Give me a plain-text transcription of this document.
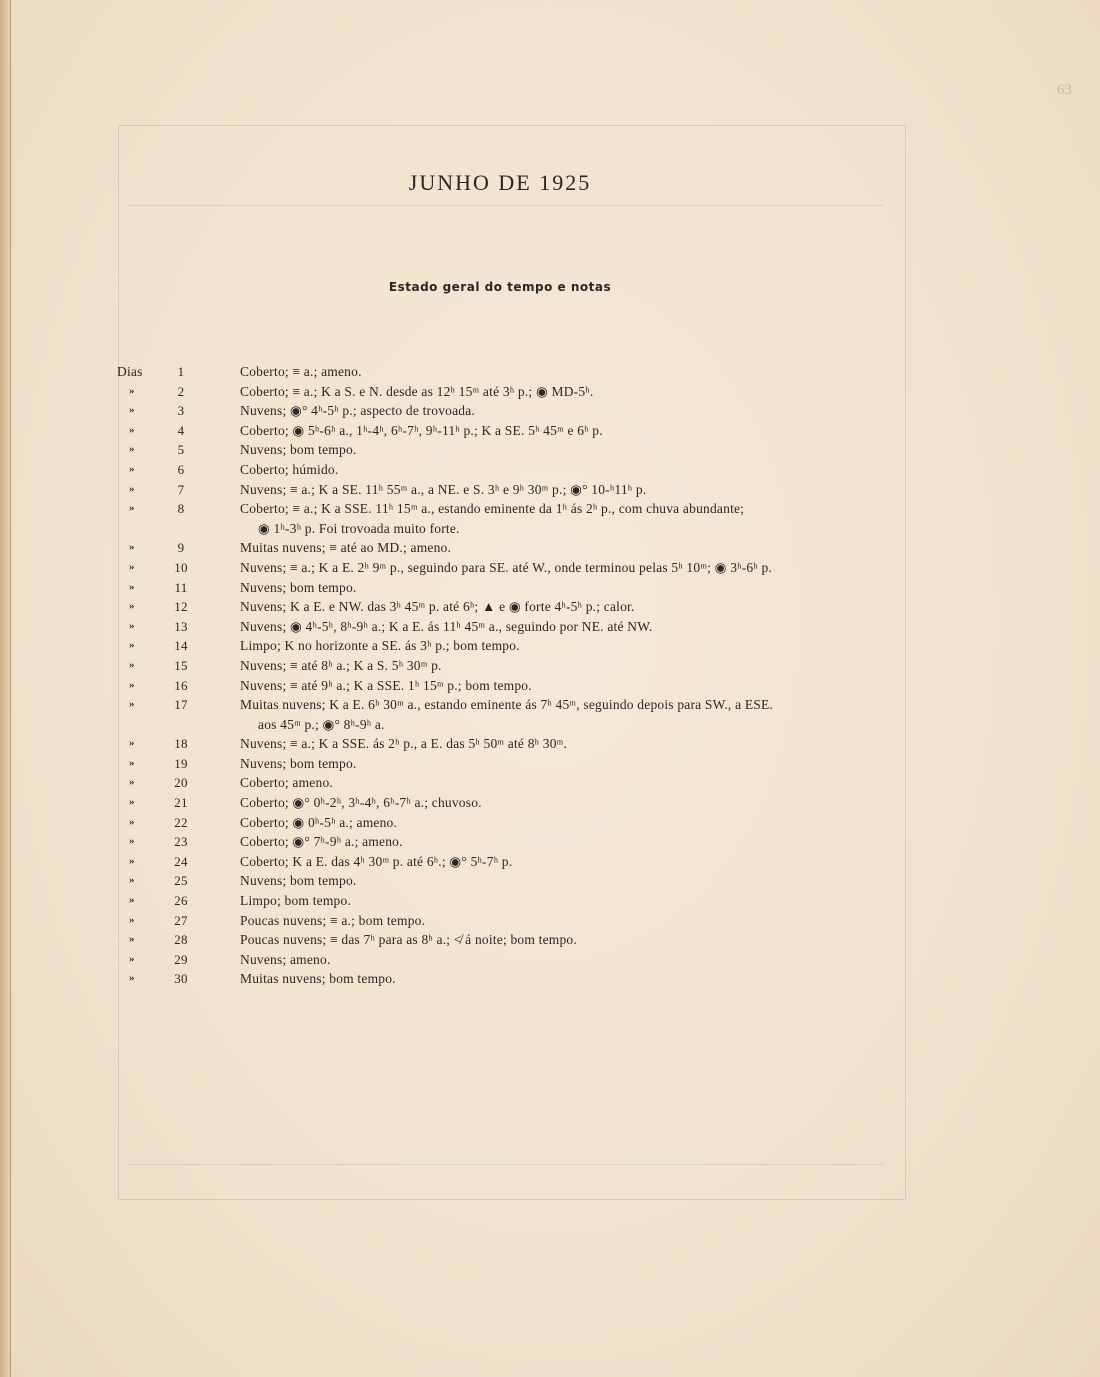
63
JUNHO DE 1925
Estado geral do tempo e notas
Dias	1	Coberto; ≡ a.; ameno.
»	2	Coberto; ≡ a.; K a S. e N. desde as 12ʰ 15ᵐ até 3ʰ p.; ◉ MD-5ʰ.
»	3	Nuvens; ◉° 4ʰ-5ʰ p.; aspecto de trovoada.
»	4	Coberto; ◉ 5ʰ-6ʰ a., 1ʰ-4ʰ, 6ʰ-7ʰ, 9ʰ-11ʰ p.; K a SE. 5ʰ 45ᵐ e 6ʰ p.
»	5	Nuvens; bom tempo.
»	6	Coberto; húmido.
»	7	Nuvens; ≡ a.; K a SE. 11ʰ 55ᵐ a., a NE. e S. 3ʰ e 9ʰ 30ᵐ p.; ◉° 10-ʰ11ʰ p.
»	8	Coberto; ≡ a.; K a SSE. 11ʰ 15ᵐ a., estando eminente da 1ʰ ás 2ʰ p., com chuva abundante;
◉ 1ʰ-3ʰ p. Foi trovoada muito forte.
»	9	Muitas nuvens; ≡ até ao MD.; ameno.
»	10	Nuvens; ≡ a.; K a E. 2ʰ 9ᵐ p., seguindo para SE. até W., onde terminou pelas 5ʰ 10ᵐ; ◉ 3ʰ-6ʰ p.
»	11	Nuvens; bom tempo.
»	12	Nuvens; K a E. e NW. das 3ʰ 45ᵐ p. até 6ʰ; ▲ e ◉ forte 4ʰ-5ʰ p.; calor.
»	13	Nuvens; ◉ 4ʰ-5ʰ, 8ʰ-9ʰ a.; K a E. ás 11ʰ 45ᵐ a., seguindo por NE. até NW.
»	14	Limpo; K no horizonte a SE. ás 3ʰ p.; bom tempo.
»	15	Nuvens; ≡ até 8ʰ a.; K a S. 5ʰ 30ᵐ p.
»	16	Nuvens; ≡ até 9ʰ a.; K a SSE. 1ʰ 15ᵐ p.; bom tempo.
»	17	Muitas nuvens; K a E. 6ʰ 30ᵐ a., estando eminente ás 7ʰ 45ᵐ, seguindo depois para SW., a ESE.
aos 45ᵐ p.; ◉° 8ʰ-9ʰ a.
»	18	Nuvens; ≡ a.; K a SSE. ás 2ʰ p., a E. das 5ʰ 50ᵐ até 8ʰ 30ᵐ.
»	19	Nuvens; bom tempo.
»	20	Coberto; ameno.
»	21	Coberto; ◉° 0ʰ-2ʰ, 3ʰ-4ʰ, 6ʰ-7ʰ a.; chuvoso.
»	22	Coberto; ◉ 0ʰ-5ʰ a.; ameno.
»	23	Coberto; ◉° 7ʰ-9ʰ a.; ameno.
»	24	Coberto; K a E. das 4ʰ 30ᵐ p. até 6ʰ.; ◉° 5ʰ-7ʰ p.
»	25	Nuvens; bom tempo.
»	26	Limpo; bom tempo.
»	27	Poucas nuvens; ≡ a.; bom tempo.
»	28	Poucas nuvens; ≡ das 7ʰ para as 8ʰ a.; ≮ á noite; bom tempo.
»	29	Nuvens; ameno.
»	30	Muitas nuvens; bom tempo.
